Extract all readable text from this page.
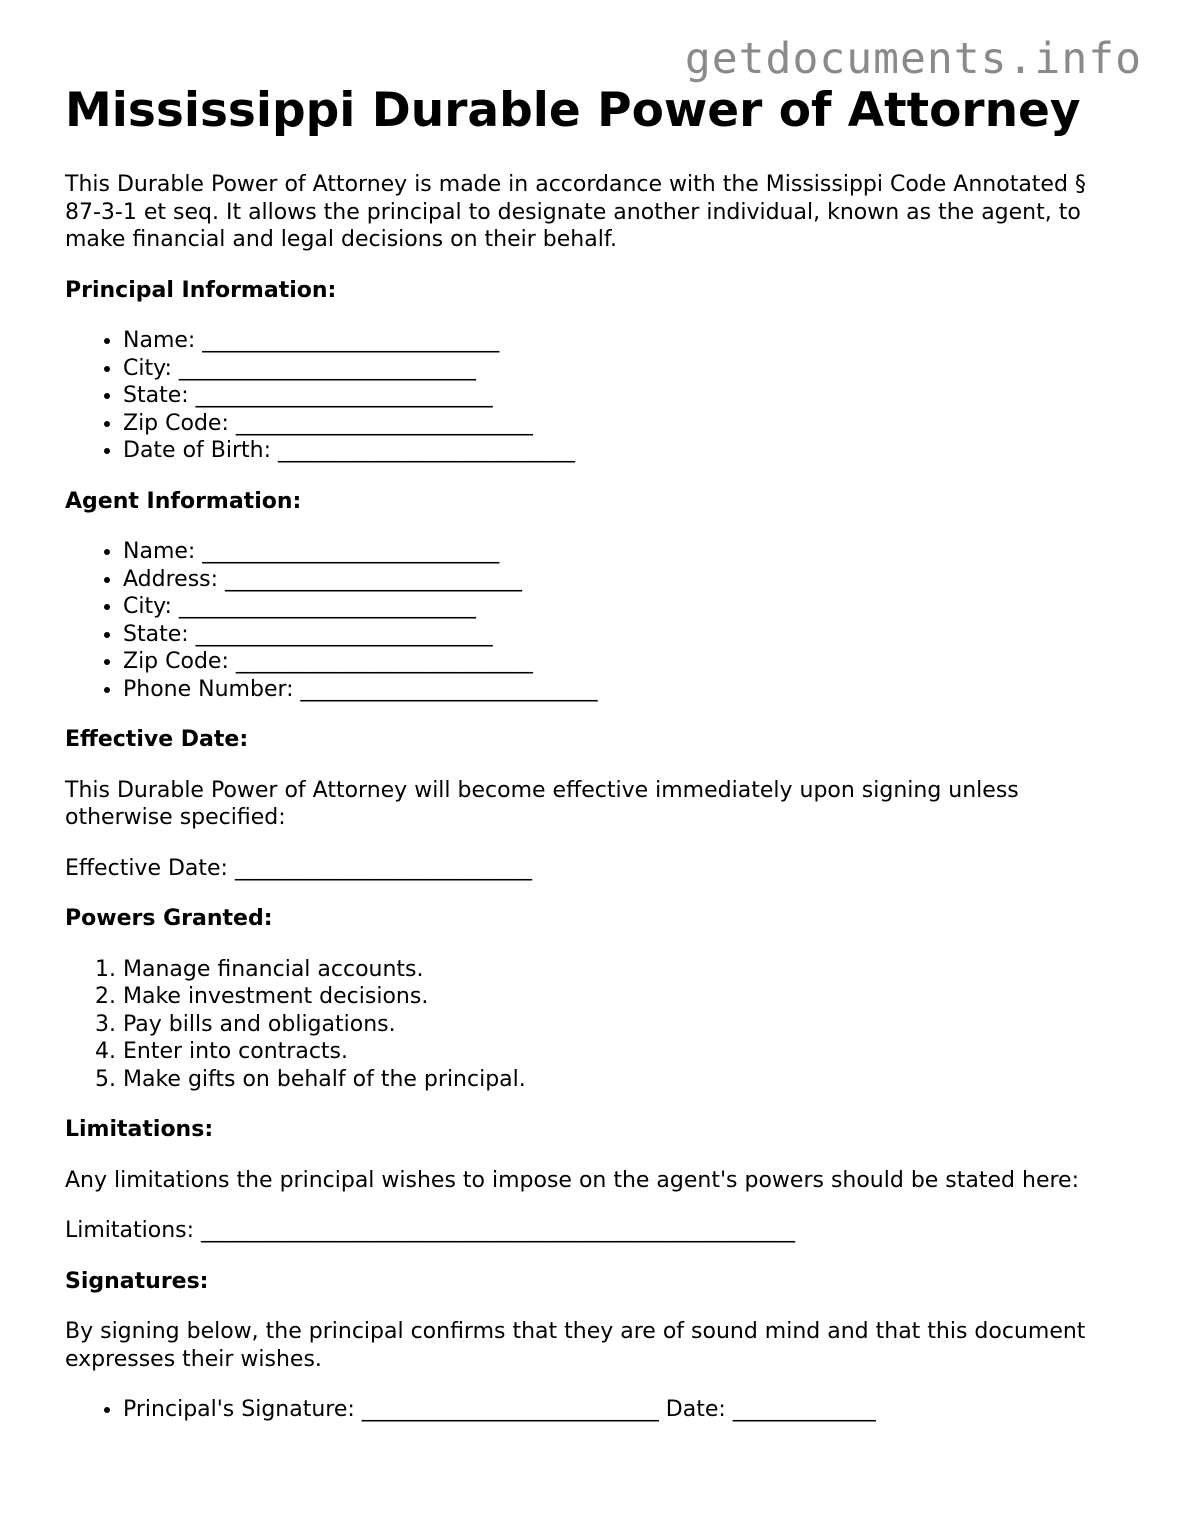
getdocuments.info
Mississippi Durable Power of Attorney

This Durable Power of Attorney is made in accordance with the Mississippi Code Annotated § 87-3-1 et seq. It allows the principal to designate another individual, known as the agent, to make financial and legal decisions on their behalf.

Principal Information:

• Name: ___________________________
• City: ___________________________
• State: ___________________________
• Zip Code: ___________________________
• Date of Birth: ___________________________

Agent Information:

• Name: ___________________________
• Address: ___________________________
• City: ___________________________
• State: ___________________________
• Zip Code: ___________________________
• Phone Number: ___________________________

Effective Date:

This Durable Power of Attorney will become effective immediately upon signing unless otherwise specified:

Effective Date: ___________________________

Powers Granted:

1. Manage financial accounts.
2. Make investment decisions.
3. Pay bills and obligations.
4. Enter into contracts.
5. Make gifts on behalf of the principal.

Limitations:

Any limitations the principal wishes to impose on the agent's powers should be stated here:

Limitations: ______________________________________________________

Signatures:

By signing below, the principal confirms that they are of sound mind and that this document expresses their wishes.

• Principal's Signature: ___________________________ Date: _____________
